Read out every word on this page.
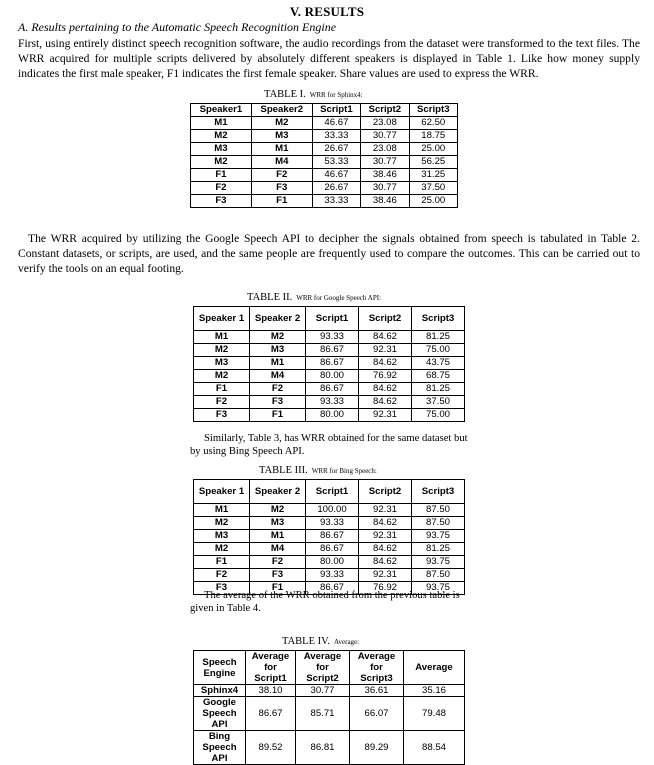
V. RESULTS
A. Results pertaining to the Automatic Speech Recognition Engine
First, using entirely distinct speech recognition software, the audio recordings from the dataset were transformed to the text files. The WRR acquired for multiple scripts delivered by absolutely different speakers is displayed in Table 1. Like how money supply indicates the first male speaker, F1 indicates the first female speaker. Share values are used to express the WRR.
TABLE I. WRR for Sphinx4:
Speaker1	Speaker2	Script1	Script2	Script3
M1	M2	46.67	23.08	62.50
M2	M3	33.33	30.77	18.75
M3	M1	26.67	23.08	25.00
M2	M4	53.33	30.77	56.25
F1	F2	46.67	38.46	31.25
F2	F3	26.67	30.77	37.50
F3	F1	33.33	38.46	25.00
The WRR acquired by utilizing the Google Speech API to decipher the signals obtained from speech is tabulated in Table 2. Constant datasets, or scripts, are used, and the same people are frequently used to compare the outcomes. This can be carried out to verify the tools on an equal footing.
TABLE II. WRR for Google Speech API:
Speaker 1	Speaker 2	Script1	Script2	Script3
M1	M2	93.33	84.62	81.25
M2	M3	86.67	92.31	75.00
M3	M1	86.67	84.62	43.75
M2	M4	80.00	76.92	68.75
F1	F2	86.67	84.62	81.25
F2	F3	93.33	84.62	37.50
F3	F1	80.00	92.31	75.00
Similarly, Table 3, has WRR obtained for the same dataset but by using Bing Speech API.
TABLE III. WRR for Bing Speech:
Speaker 1	Speaker 2	Script1	Script2	Script3
M1	M2	100.00	92.31	87.50
M2	M3	93.33	84.62	87.50
M3	M1	86.67	92.31	93.75
M2	M4	86.67	84.62	81.25
F1	F2	80.00	84.62	93.75
F2	F3	93.33	92.31	87.50
F3	F1	86.67	76.92	93.75
The average of the WRR obtained from the previous table is given in Table 4.
TABLE IV. Average:
Speech Engine	Average for Script1	Average for Script2	Average for Script3	Average
Sphinx4	38.10	30.77	36.61	35.16
Google Speech API	86.67	85.71	66.07	79.48
Bing Speech API	89.52	86.81	89.29	88.54
